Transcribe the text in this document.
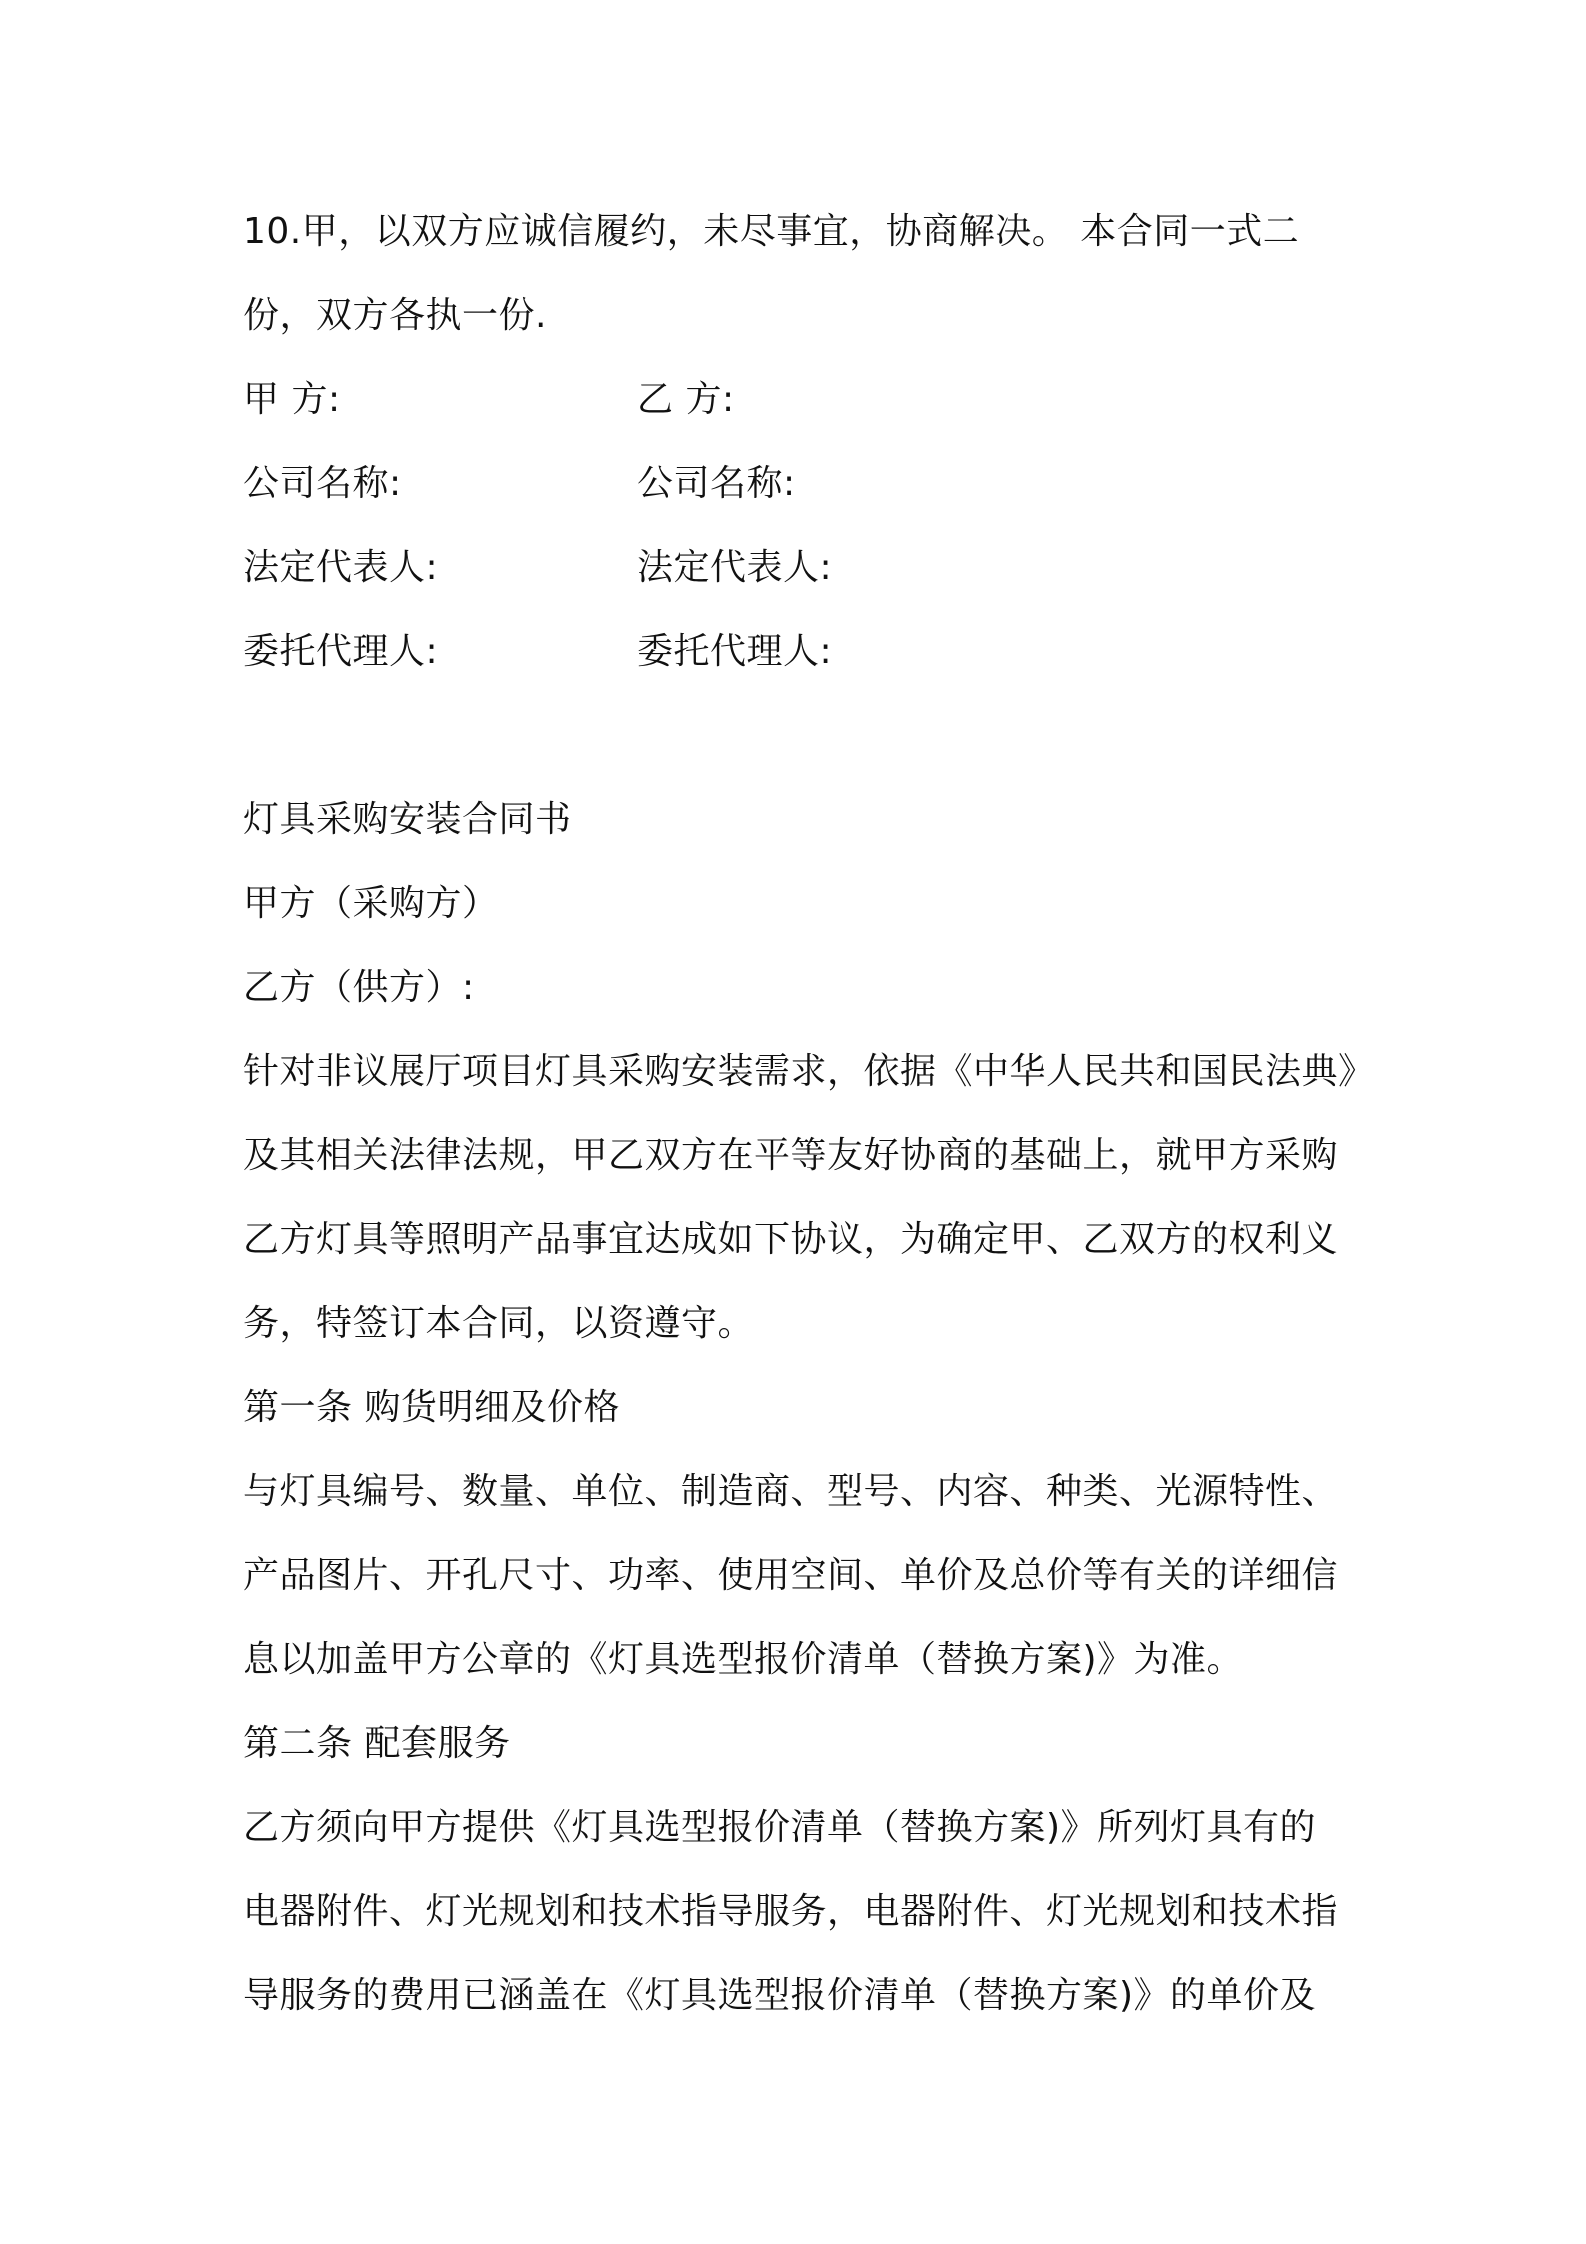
10.甲，以双方应诚信履约，未尽事宜，协商解决。 本合同一式二
份，双方各执一份.
甲 方:	乙 方:
公司名称:	公司名称:
法定代表人:	法定代表人:
委托代理人:	委托代理人:
灯具采购安装合同书
甲方（采购方）
乙方（供方）:
针对非议展厅项目灯具采购安装需求，依据《中华人民共和国民法典》
及其相关法律法规，甲乙双方在平等友好协商的基础上，就甲方采购
乙方灯具等照明产品事宜达成如下协议，为确定甲、乙双方的权利义
务，特签订本合同，以资遵守。
第一条 购货明细及价格
与灯具编号、数量、单位、制造商、型号、内容、种类、光源特性、
产品图片、开孔尺寸、功率、使用空间、单价及总价等有关的详细信
息以加盖甲方公章的《灯具选型报价清单（替换方案)》为准。
第二条 配套服务
乙方须向甲方提供《灯具选型报价清单（替换方案)》所列灯具有的
电器附件、灯光规划和技术指导服务，电器附件、灯光规划和技术指
导服务的费用已涵盖在《灯具选型报价清单（替换方案)》的单价及
